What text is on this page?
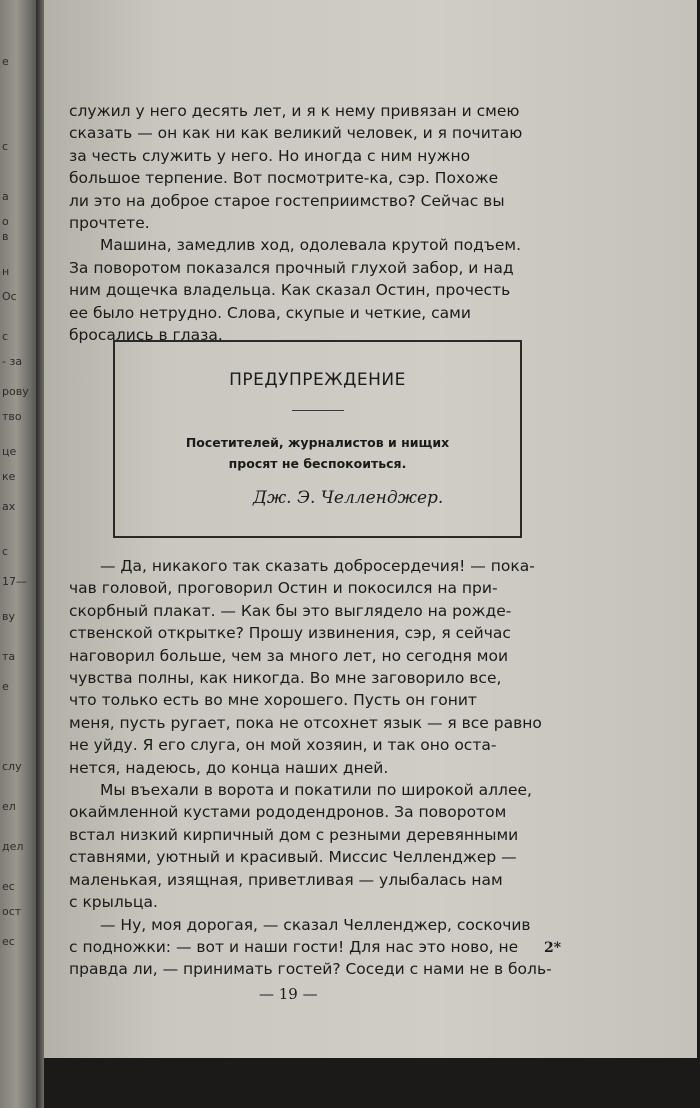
е
с
а
о
в
н
Ос
с
- за
рову
тво
це
ке
ах
с
17—
ву
та
е
слу
ел
дел
ес
ост
ес
служил у него десять лет, и я к нему привязан и смею
сказать — он как ни как великий человек, и я почитаю
за честь служить у него. Но иногда с ним нужно
большое терпение. Вот посмотрите-ка, сэр. Похоже
ли это на доброе старое гостеприимство? Сейчас вы
прочтете.
Машина, замедлив ход, одолевала крутой подъем.
За поворотом показался прочный глухой забор, и над
ним дощечка владельца. Как сказал Остин, прочесть
ее было нетрудно. Слова, скупые и четкие, сами
бросались в глаза.
ПРЕДУПРЕЖДЕНИЕ
Посетителей, журналистов и нищих
просят не беспокоиться.
Дж. Э. Челленджер.
— Да, никакого так сказать добросердечия! — пока-
чав головой, проговорил Остин и покосился на при-
скорбный плакат. — Как бы это выглядело на рожде-
ственской открытке? Прошу извинения, сэр, я сейчас
наговорил больше, чем за много лет, но сегодня мои
чувства полны, как никогда. Во мне заговорило все,
что только есть во мне хорошего. Пусть он гонит
меня, пусть ругает, пока не отсохнет язык — я все равно
не уйду. Я его слуга, он мой хозяин, и так оно оста-
нется, надеюсь, до конца наших дней.
Мы въехали в ворота и покатили по широкой аллее,
окаймленной кустами рододендронов. За поворотом
встал низкий кирпичный дом с резными деревянными
ставнями, уютный и красивый. Миссис Челленджер —
маленькая, изящная, приветливая — улыбалась нам
с крыльца.
— Ну, моя дорогая, — сказал Челленджер, соскочив
с подножки: — вот и наши гости! Для нас это ново, не
правда ли, — принимать гостей? Соседи с нами не в боль-
2*
— 19 —
